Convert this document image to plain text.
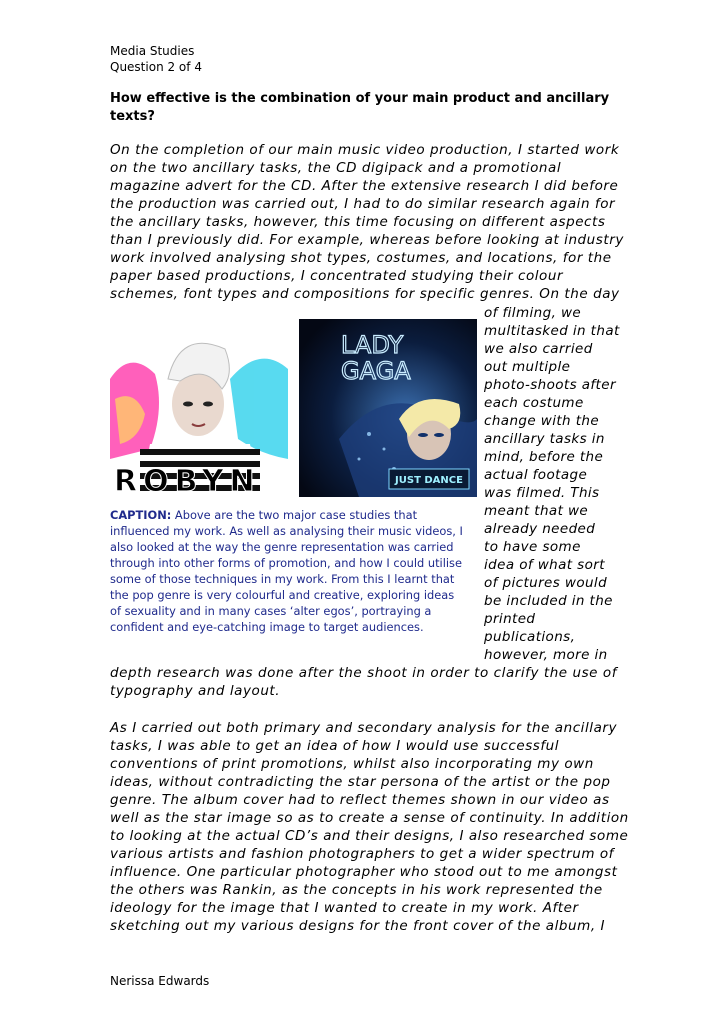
Media Studies
Question 2 of 4
How effective is the combination of your main product and ancillary texts?
On the completion of our main music video production, I started work
on the two ancillary tasks, the CD digipack and a promotional
magazine advert for the CD. After the extensive research I did before
the production was carried out, I had to do similar research again for
the ancillary tasks, however, this time focusing on different aspects
than I previously did. For example, whereas before looking at industry
work involved analysing shot types, costumes, and locations, for the
paper based productions, I concentrated studying their colour
schemes, font types and compositions for specific genres. On the day
ROBYN
LADY
GAGA
JUST DANCE
CAPTION: Above are the two major case studies that
influenced my work. As well as analysing their music videos, I
also looked at the way the genre representation was carried
through into other forms of promotion, and how I could utilise
some of those techniques in my work. From this I learnt that
the pop genre is very colourful and creative, exploring ideas
of sexuality and in many cases ‘alter egos’, portraying a
confident and eye-catching image to target audiences.
of filming, we
multitasked in that
we also carried
out multiple
photo-shoots after
each costume
change with the
ancillary tasks in
mind, before the
actual footage
was filmed. This
meant that we
already needed
to have some
idea of what sort
of pictures would
be included in the
printed
publications,
however, more in
depth research was done after the shoot in order to clarify the use of
typography and layout.
As I carried out both primary and secondary analysis for the ancillary
tasks, I was able to get an idea of how I would use successful
conventions of print promotions, whilst also incorporating my own
ideas, without contradicting the star persona of the artist or the pop
genre. The album cover had to reflect themes shown in our video as
well as the star image so as to create a sense of continuity. In addition
to looking at the actual CD’s and their designs, I also researched some
various artists and fashion photographers to get a wider spectrum of
influence. One particular photographer who stood out to me amongst
the others was Rankin, as the concepts in his work represented the
ideology for the image that I wanted to create in my work. After
sketching out my various designs for the front cover of the album, I
Nerissa Edwards
